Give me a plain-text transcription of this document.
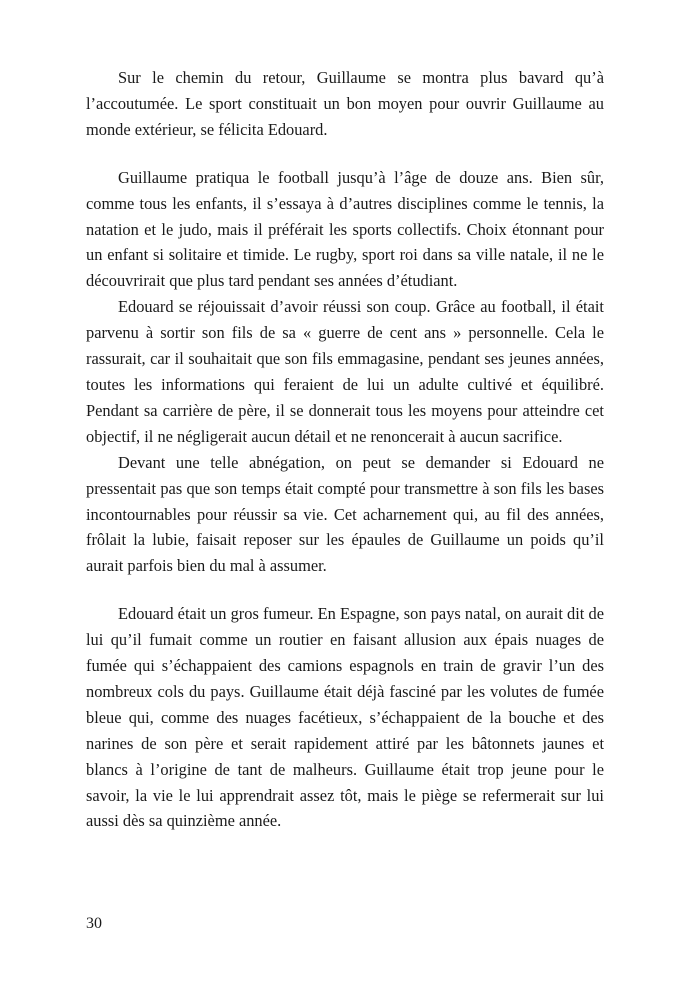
Sur le chemin du retour, Guillaume se montra plus bavard qu’à l’accoutumée. Le sport constituait un bon moyen pour ouvrir Guillaume au monde extérieur, se félicita Edouard.

Guillaume pratiqua le football jusqu’à l’âge de douze ans. Bien sûr, comme tous les enfants, il s’essaya à d’autres disciplines comme le tennis, la natation et le judo, mais il préférait les sports collectifs. Choix étonnant pour un enfant si solitaire et timide. Le rugby, sport roi dans sa ville natale, il ne le découvrirait que plus tard pendant ses années d’étudiant.

Edouard se réjouissait d’avoir réussi son coup. Grâce au football, il était parvenu à sortir son fils de sa « guerre de cent ans » personnelle. Cela le rassurait, car il souhaitait que son fils emmagasine, pendant ses jeunes années, toutes les informations qui feraient de lui un adulte cultivé et équilibré. Pendant sa carrière de père, il se donnerait tous les moyens pour atteindre cet objectif, il ne négligerait aucun détail et ne renoncerait à aucun sacrifice.

Devant une telle abnégation, on peut se demander si Edouard ne pressentait pas que son temps était compté pour transmettre à son fils les bases incontournables pour réussir sa vie. Cet acharnement qui, au fil des années, frôlait la lubie, faisait reposer sur les épaules de Guillaume un poids qu’il aurait parfois bien du mal à assumer.

Edouard était un gros fumeur. En Espagne, son pays natal, on aurait dit de lui qu’il fumait comme un routier en faisant allusion aux épais nuages de fumée qui s’échappaient des camions espagnols en train de gravir l’un des nombreux cols du pays. Guillaume était déjà fasciné par les volutes de fumée bleue qui, comme des nuages facétieux, s’échappaient de la bouche et des narines de son père et serait rapidement attiré par les bâtonnets jaunes et blancs à l’origine de tant de malheurs. Guillaume était trop jeune pour le savoir, la vie le lui apprendrait assez tôt, mais le piège se refermerait sur lui aussi dès sa quinzième année.

30
